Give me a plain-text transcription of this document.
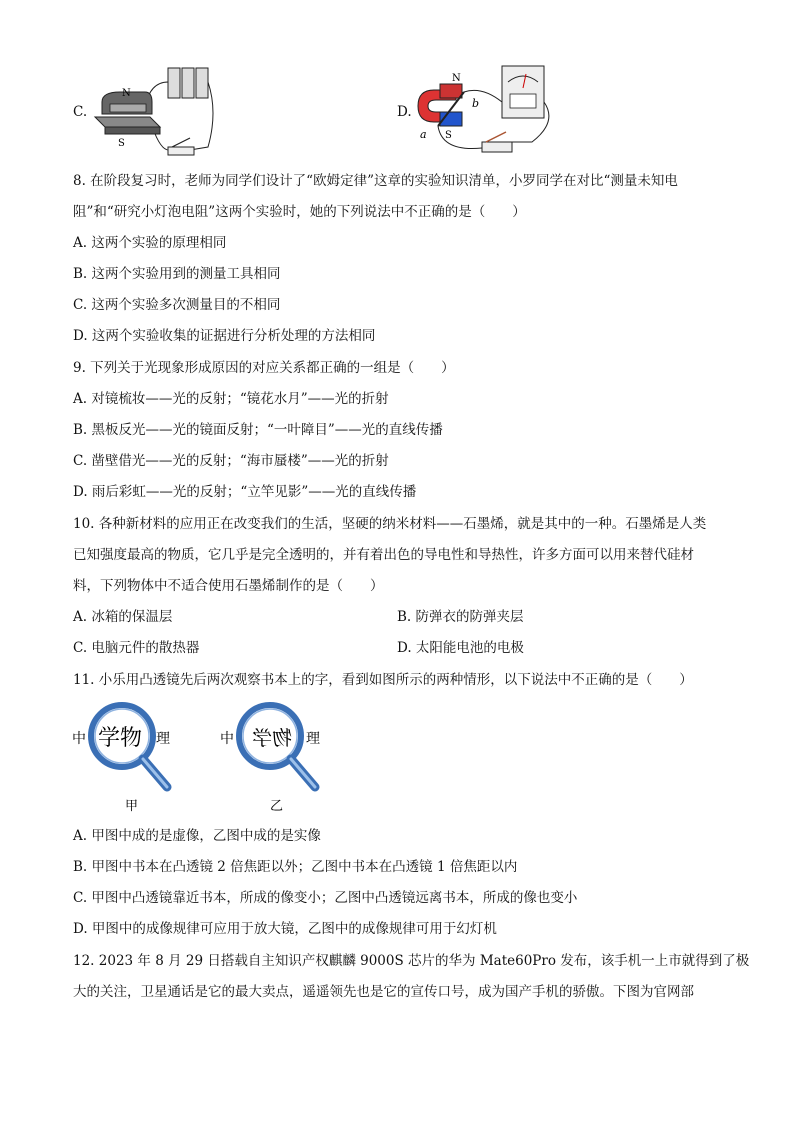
C.
N
S
D.
N
S
a
b
8. 在阶段复习时，老师为同学们设计了“欧姆定律”这章的实验知识清单，小罗同学在对比“测量未知电
阻”和“研究小灯泡电阻”这两个实验时，她的下列说法中不正确的是（　　）
A. 这两个实验的原理相同
B. 这两个实验用到的测量工具相同
C. 这两个实验多次测量目的不相同
D. 这两个实验收集的证据进行分析处理的方法相同
9. 下列关于光现象形成原因的对应关系都正确的一组是（　　）
A. 对镜梳妆——光的反射；“镜花水月”——光的折射
B. 黑板反光——光的镜面反射；“一叶障目”——光的直线传播
C. 凿壁借光——光的反射；“海市蜃楼”——光的折射
D. 雨后彩虹——光的反射；“立竿见影”——光的直线传播
10. 各种新材料的应用正在改变我们的生活，坚硬的纳米材料——石墨烯，就是其中的一种。石墨烯是人类
已知强度最高的物质，它几乎是完全透明的，并有着出色的导电性和导热性，许多方面可以用来替代硅材
料，下列物体中不适合使用石墨烯制作的是（　　）
A. 冰箱的保温层	B. 防弹衣的防弹夹层
C. 电脑元件的散热器	D. 太阳能电池的电极
11. 小乐用凸透镜先后两次观察书本上的字，看到如图所示的两种情形，以下说法中不正确的是（　　）
中 学物 理
甲
中 物学 理
乙
A. 甲图中成的是虚像，乙图中成的是实像
B. 甲图中书本在凸透镜 2 倍焦距以外；乙图中书本在凸透镜 1 倍焦距以内
C. 甲图中凸透镜靠近书本，所成的像变小；乙图中凸透镜远离书本，所成的像也变小
D. 甲图中的成像规律可应用于放大镜，乙图中的成像规律可用于幻灯机
12. 2023 年 8 月 29 日搭载自主知识产权麒麟 9000S 芯片的华为 Mate60Pro 发布，该手机一上市就得到了极
大的关注，卫星通话是它的最大卖点，遥遥领先也是它的宣传口号，成为国产手机的骄傲。下图为官网部
